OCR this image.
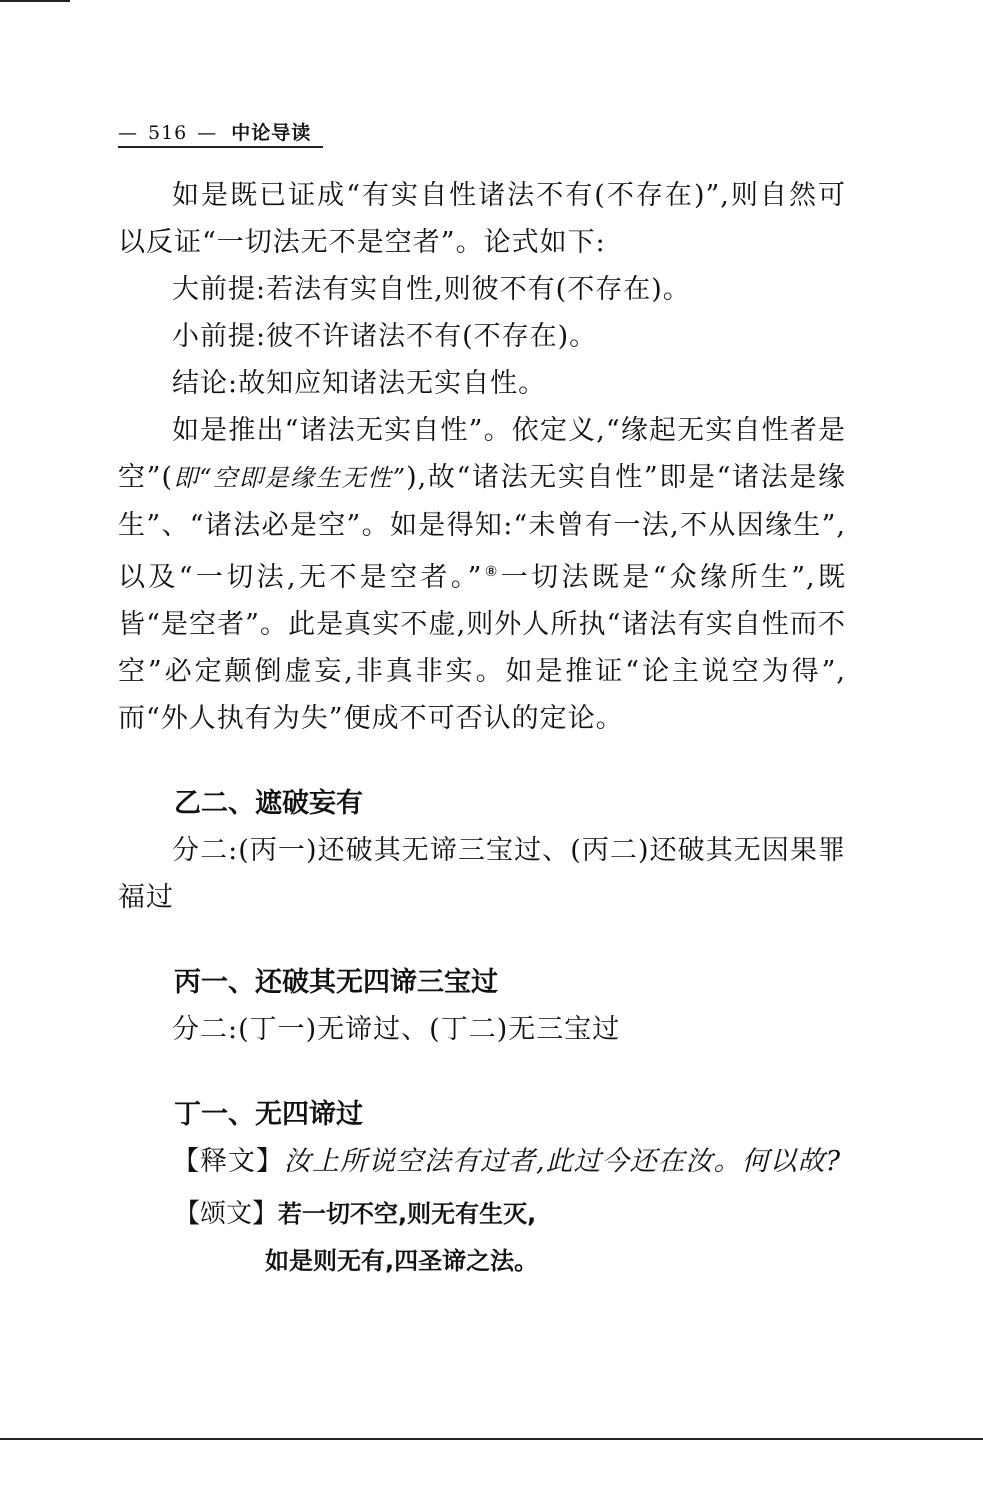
— 516 — 中论导读

如是既已证成“有实自性诸法不有(不存在)”,则自然可以反证“一切法无不是空者”。论式如下:

大前提:若法有实自性,则彼不有(不存在)。

小前提:彼不许诸法不有(不存在)。

结论:故知应知诸法无实自性。

如是推出“诸法无实自性”。依定义,“缘起无实自性者是空”(即“空即是缘生无性”),故“诸法无实自性”即是“诸法是缘生”、“诸法必是空”。如是得知:“未曾有一法,不从因缘生”,以及“一切法,无不是空者。”⑧一切法既是“众缘所生”,既皆“是空者”。此是真实不虚,则外人所执“诸法有实自性而不空”必定颠倒虚妄,非真非实。如是推证“论主说空为得”,而“外人执有为失”便成不可否认的定论。

乙二、遮破妄有

分二:(丙一)还破其无谛三宝过、(丙二)还破其无因果罪福过

丙一、还破其无四谛三宝过

分二:(丁一)无谛过、(丁二)无三宝过

丁一、无四谛过

【释文】汝上所说空法有过者,此过今还在汝。何以故?

【颂文】若一切不空,则无有生灭,

如是则无有,四圣谛之法。
